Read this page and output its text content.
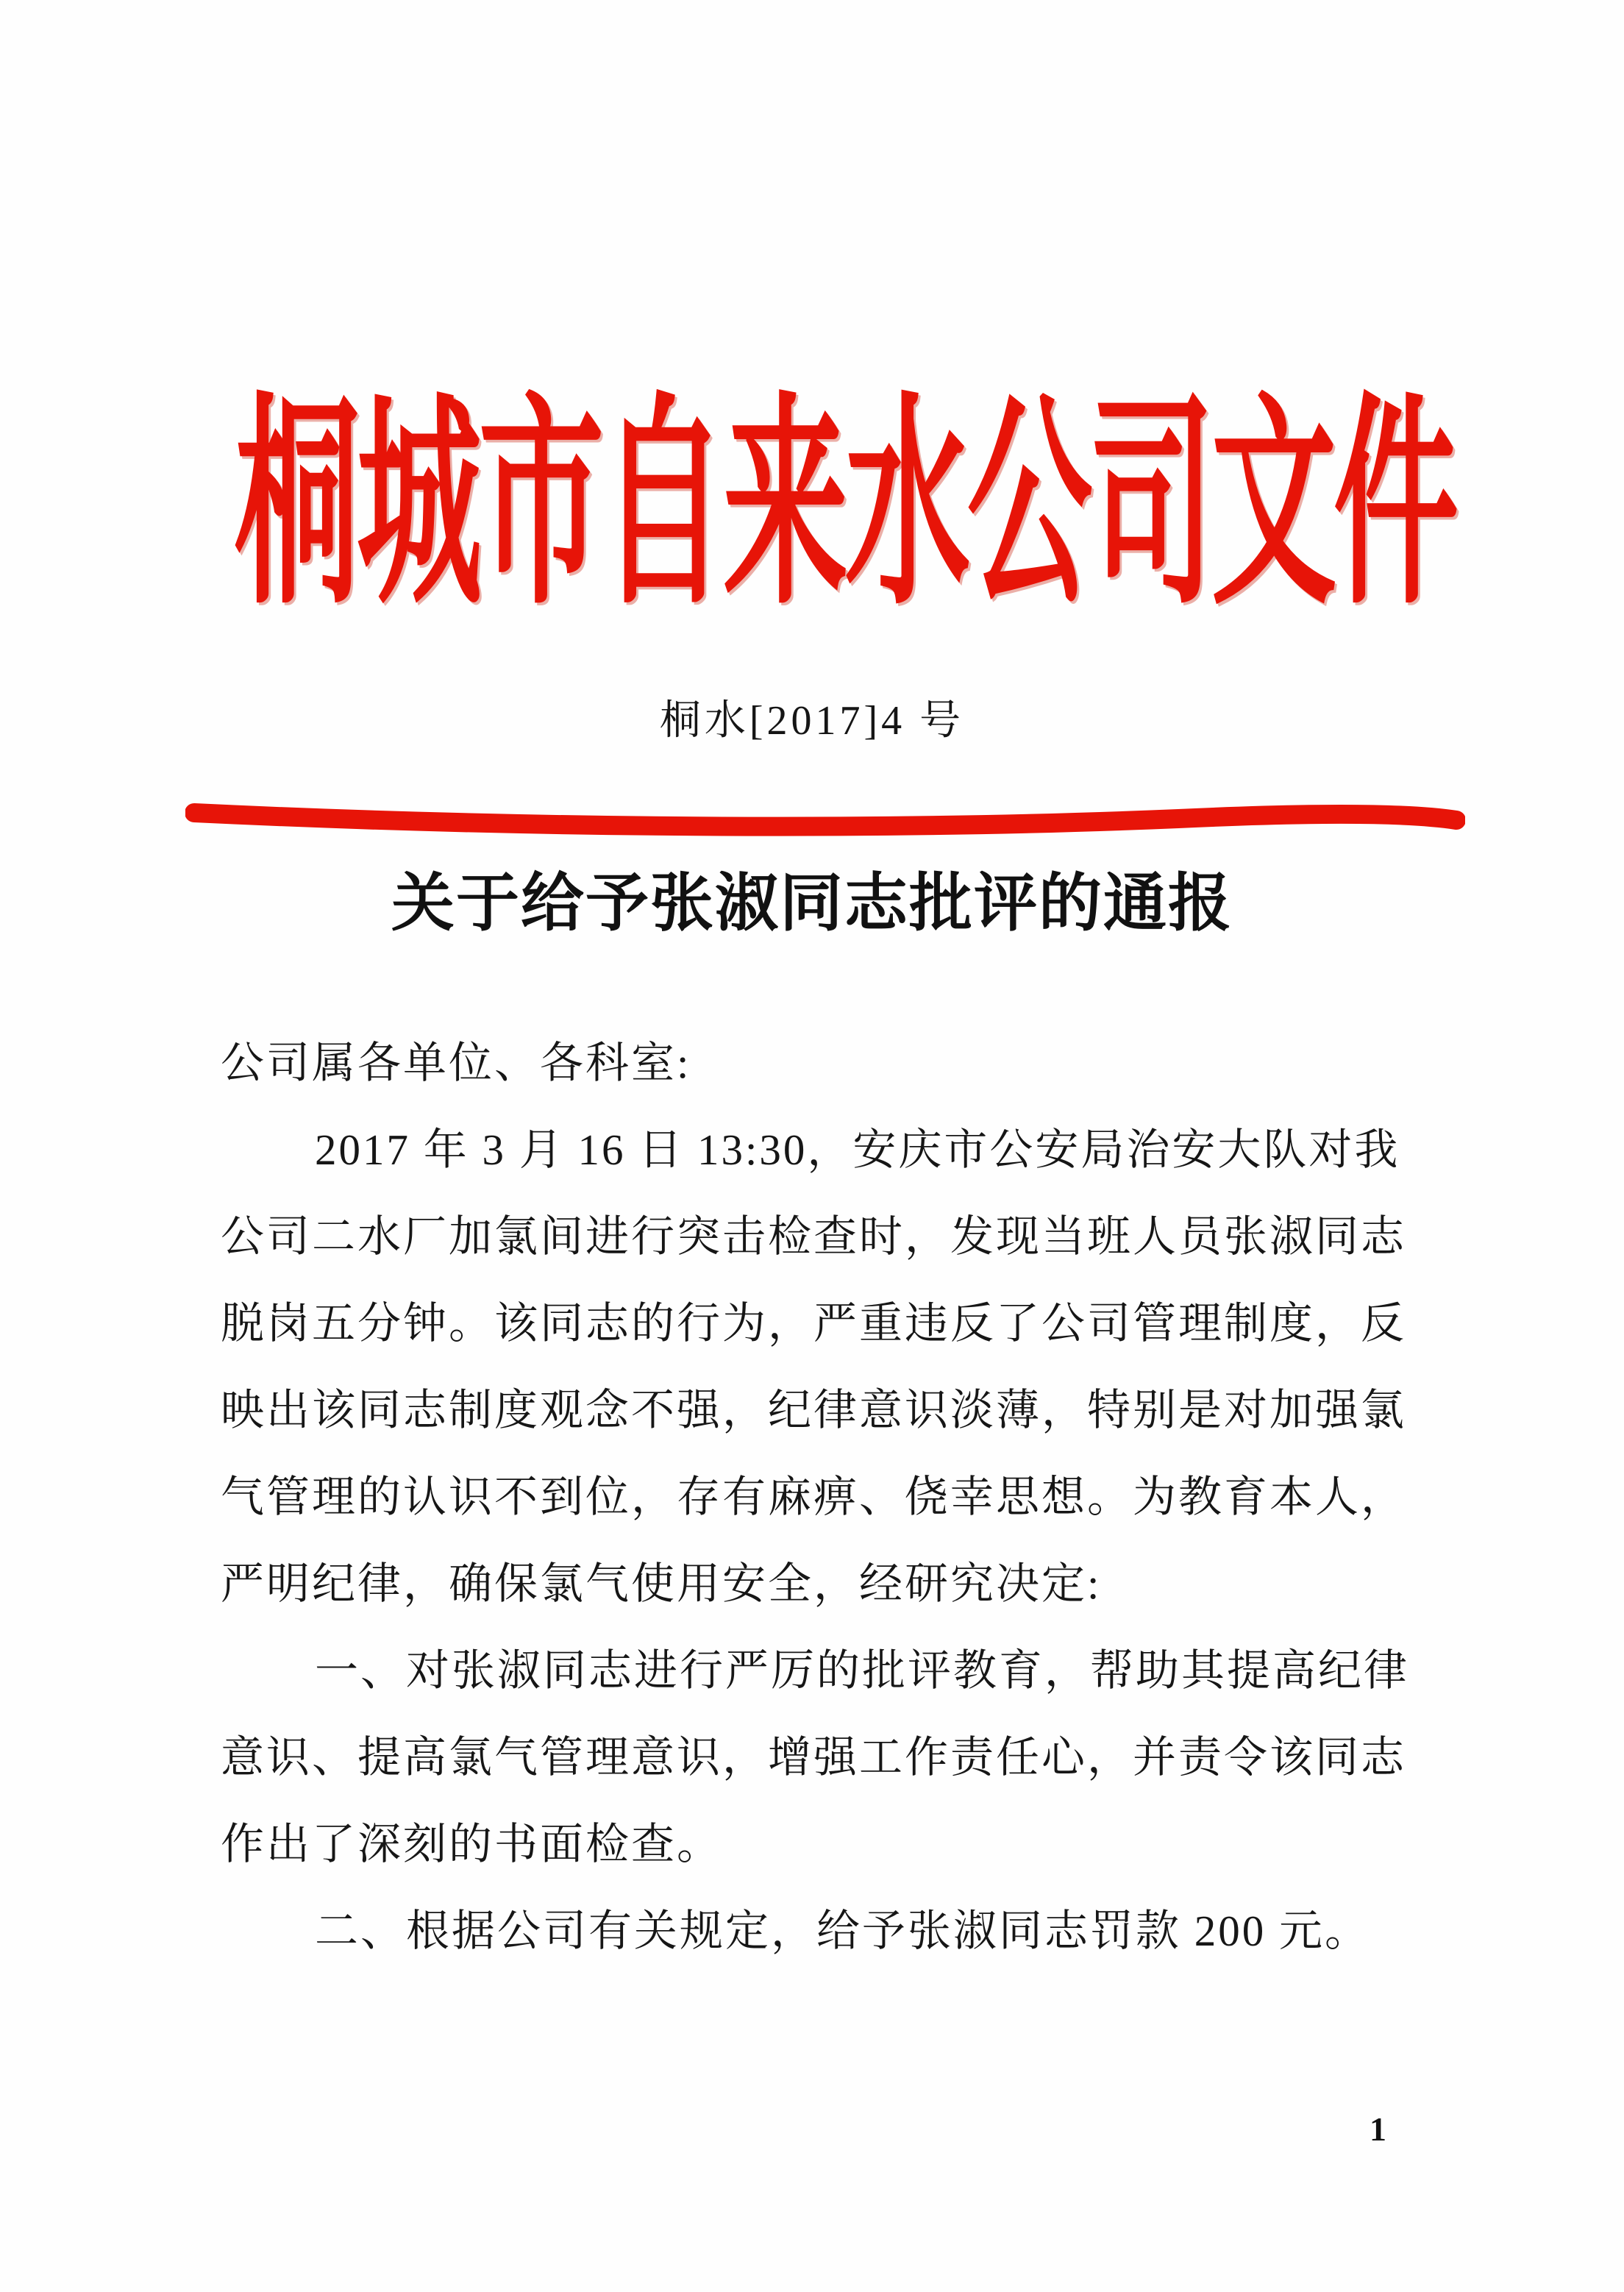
桐城市自来水公司文件
桐水[2017]4 号
关于给予张淑同志批评的通报
公司属各单位、各科室:
2017 年 3 月 16 日 13:30，安庆市公安局治安大队对我
公司二水厂加氯间进行突击检查时，发现当班人员张淑同志
脱岗五分钟。该同志的行为，严重违反了公司管理制度，反
映出该同志制度观念不强，纪律意识淡薄，特别是对加强氯
气管理的认识不到位，存有麻痹、侥幸思想。为教育本人，
严明纪律，确保氯气使用安全，经研究决定:
一、对张淑同志进行严厉的批评教育，帮助其提高纪律
意识、提高氯气管理意识，增强工作责任心，并责令该同志
作出了深刻的书面检查。
二、根据公司有关规定，给予张淑同志罚款 200 元。
1
